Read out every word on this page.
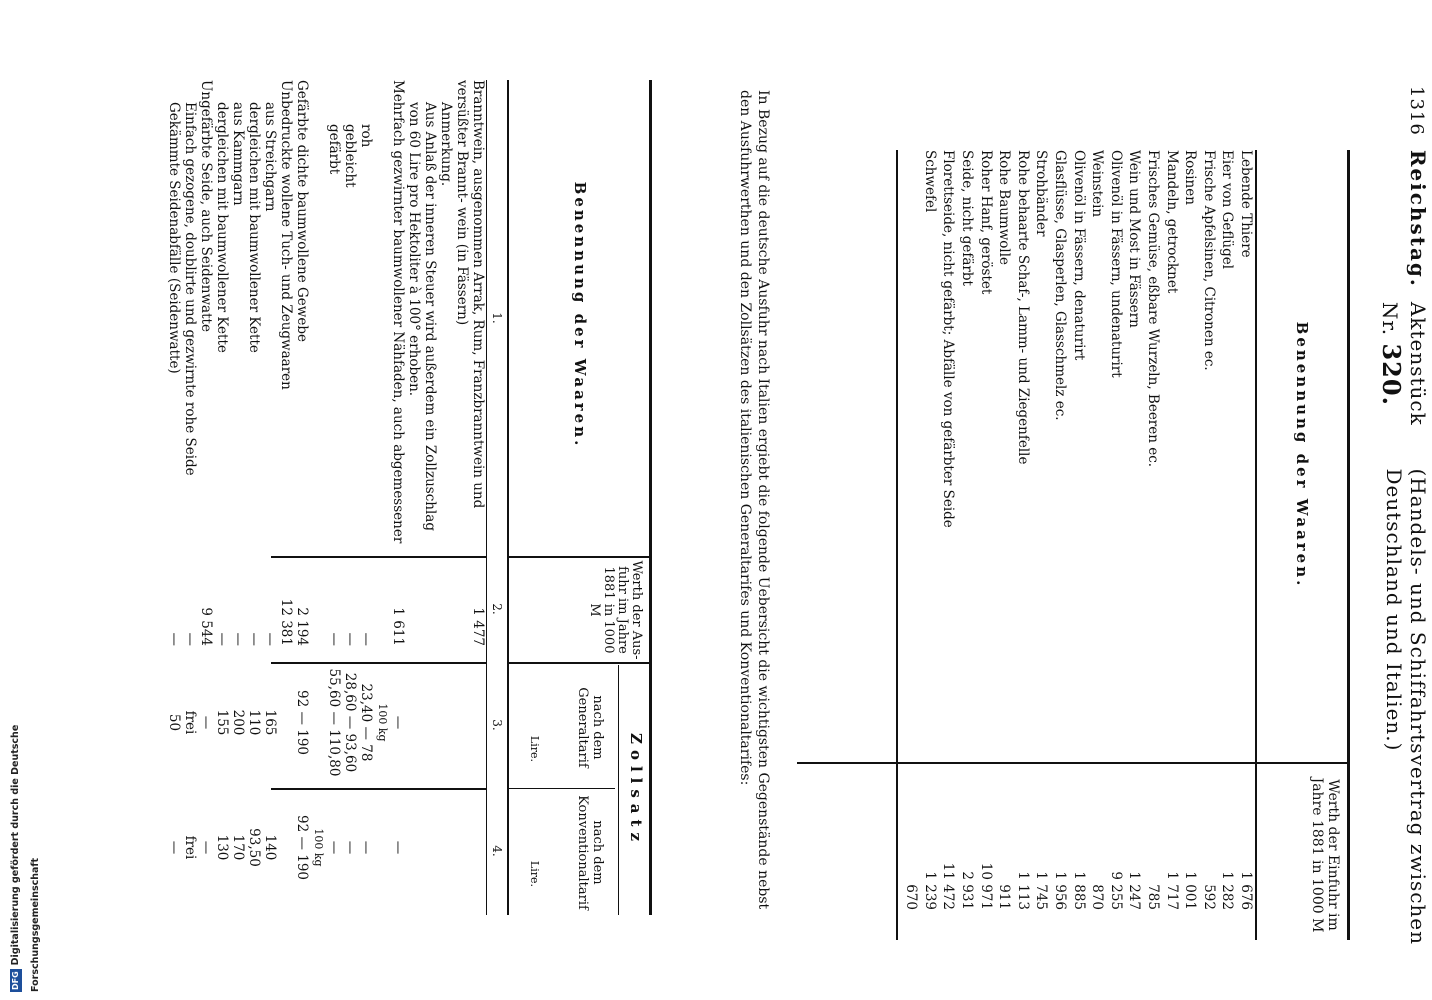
1316
Reichstag.
Aktenstück Nr. 320.
(Handels- und Schiffahrtsvertrag zwischen Deutschland und Italien.)
Benennung der Waaren.
Werth der Einfuhr im Jahre 1881 in 1000 M
Lebende Thiere
1 676
Eier von Geflügel
1 282
Frische Apfelsinen, Citronen ec.
592
Rosinen
1 001
Mandeln, getrocknet
1 717
Frisches Gemüse, eßbare Wurzeln, Beeren ec.
785
Wein und Most in Fässern
1 247
Olivenöl in Fässern, undenaturirt
9 255
Weinstein
870
Olivenöl in Fässern, denaturirt
1 885
Glasflüsse, Glasperlen, Glasschmelz ec.
1 956
Strohbänder
1 745
Rohe behaarte Schaf-, Lamm- und Ziegenfelle
1 113
Rohe Baumwolle
911
Roher Hanf, geröstet
10 971
Seide, nicht gefärbt
2 931
Florettseide, nicht gefärbt; Abfälle von gefärbter Seide
11 472
Schwefel
1 239
670
In Bezug auf die deutsche Ausfuhr nach Italien ergiebt die folgende Uebersicht die wichtigsten Gegenstände nebst den Ausfuhrwerthen und den Zollsätzen des italienischen Generaltarifes und Konventionaltarifes:
Benennung der Waaren.
Werth der Aus- fuhr im Jahre 1881 in 1000 M
Zollsatz
nach dem Generaltarif
nach dem Konventionaltarif
Lire.
Lire.
1.
2.
3.
4.
Branntwein, ausgenommen Arrak, Rum, Franzbranntwein und versüßter Brannt- wein (in Fässern)
1 477
Anmerkung.
Aus Anlaß der inneren Steuer wird außerdem ein Zollzuschlag von 60 Lire pro Hektoliter à 100° erhoben.
Mehrfach gezwirnter baumwollener Nähfaden, auch abgemessener
1 611
—
—
100 kg
roh
—
23,40 — 78
—
gebleicht
—
28,60 — 93,60
—
gefärbt
—
55,60 — 110,80
—
100 kg
Gefärbte dichte baumwollene Gewebe
2 194
92 — 190
92 — 190
Unbedruckte wollene Tuch- und Zeugwaaren
12 381
aus Streichgarn
—
165
140
dergleichen mit baumwollener Kette
—
110
93,50
aus Kammgarn
—
200
170
dergleichen mit baumwollener Kette
—
155
130
Ungefärbte Seide, auch Seidenwatte
9 544
—
—
Einfach gezogene, doublirte und gezwirnte rohe Seide
—
frei
frei
Gekämmte Seidenabfälle (Seidenwatte)
—
50
—
DFGDigitalisierung gefördert durch die Deutsche Forschungsgemeinschaft
